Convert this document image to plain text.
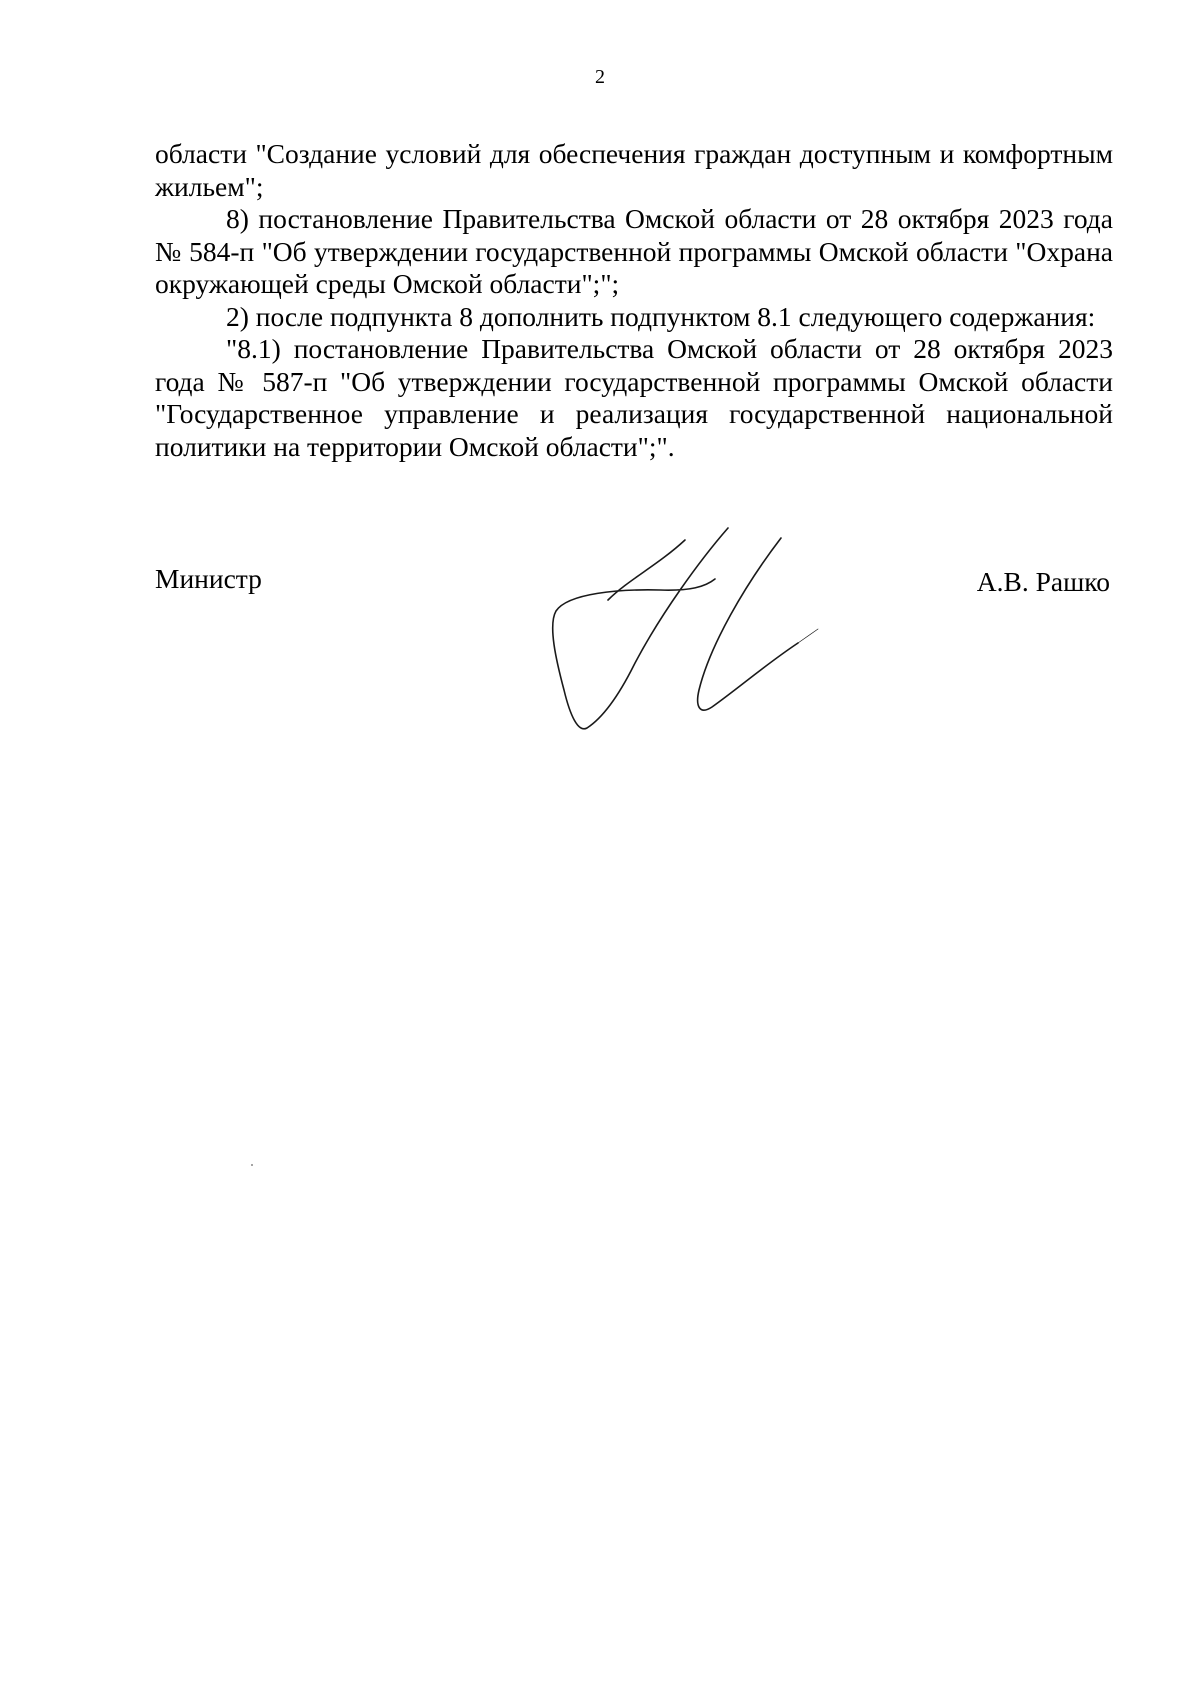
2

области "Создание условий для обеспечения граждан доступным и комфортным жильем";

8) постановление Правительства Омской области от 28 октября 2023 года № 584-п "Об утверждении государственной программы Омской области "Охрана окружающей среды Омской области";";

2) после подпункта 8 дополнить подпунктом 8.1 следующего содержания:

"8.1) постановление Правительства Омской области от 28 октября 2023 года № 587-п "Об утверждении государственной программы Омской области "Государственное управление и реализация государственной национальной политики на территории Омской области";".

Министр	А.В. Рашко
